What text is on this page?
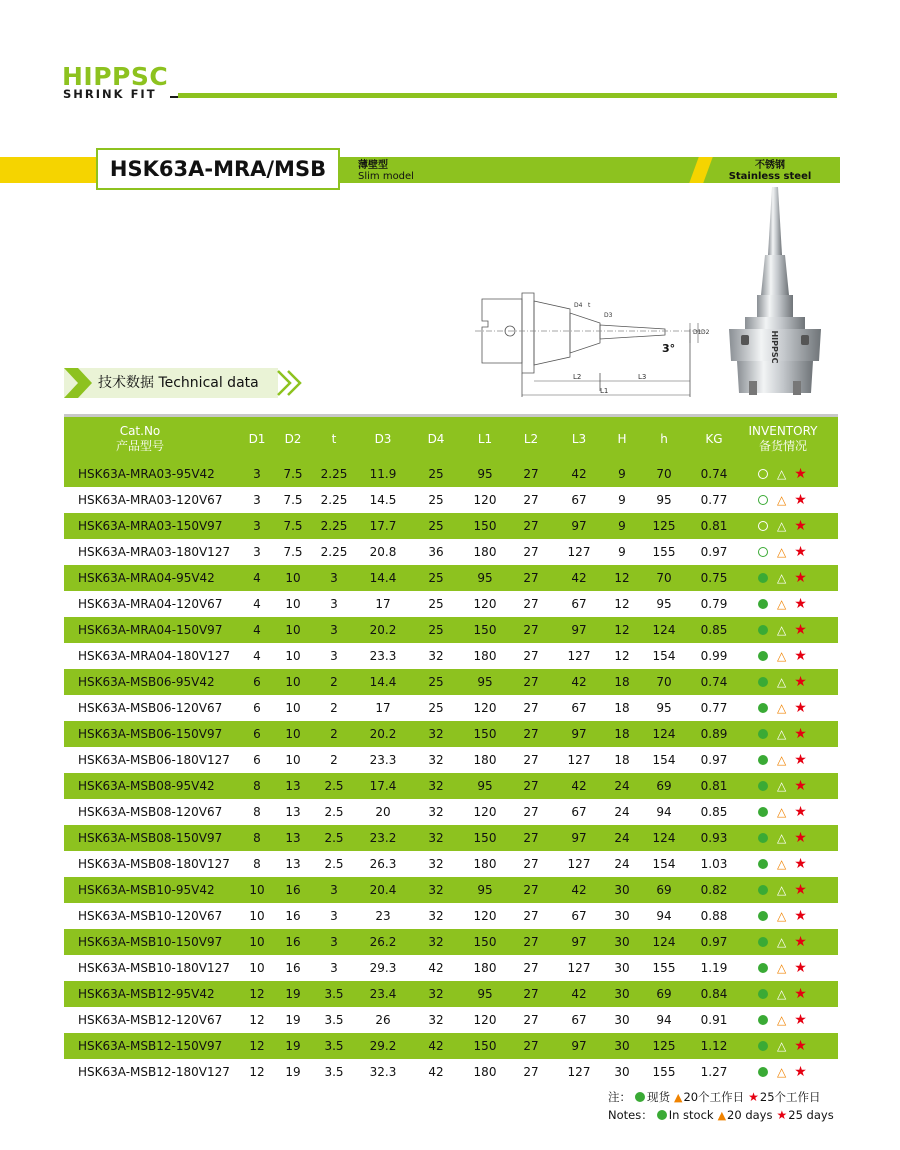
HIPPSC
SHRINK FIT
HSK63A-MRA/MSB	薄壁型
Slim model
不锈钢
Stainless steel
D4 t
D3
D1 D2
3°
L2	L3
L1
HIPPSC
技术数据 Technical data
Cat.No
产品型号
D1	D2	t	D3	D4	L1	L2	L3	H	h	KG
INVENTORY
备货情况
HSK63A-MRA03-95V42	3	7.5	2.25	11.9	25	95	27	42	9	70	0.74	△ ★
HSK63A-MRA03-120V67	3	7.5	2.25	14.5	25	120	27	67	9	95	0.77	△ ★
HSK63A-MRA03-150V97	3	7.5	2.25	17.7	25	150	27	97	9	125	0.81	△ ★
HSK63A-MRA03-180V127	3	7.5	2.25	20.8	36	180	27	127	9	155	0.97	△ ★
HSK63A-MRA04-95V42	4	10	3	14.4	25	95	27	42	12	70	0.75	△ ★
HSK63A-MRA04-120V67	4	10	3	17	25	120	27	67	12	95	0.79	△ ★
HSK63A-MRA04-150V97	4	10	3	20.2	25	150	27	97	12	124	0.85	△ ★
HSK63A-MRA04-180V127	4	10	3	23.3	32	180	27	127	12	154	0.99	△ ★
HSK63A-MSB06-95V42	6	10	2	14.4	25	95	27	42	18	70	0.74	△ ★
HSK63A-MSB06-120V67	6	10	2	17	25	120	27	67	18	95	0.77	△ ★
HSK63A-MSB06-150V97	6	10	2	20.2	32	150	27	97	18	124	0.89	△ ★
HSK63A-MSB06-180V127	6	10	2	23.3	32	180	27	127	18	154	0.97	△ ★
HSK63A-MSB08-95V42	8	13	2.5	17.4	32	95	27	42	24	69	0.81	△ ★
HSK63A-MSB08-120V67	8	13	2.5	20	32	120	27	67	24	94	0.85	△ ★
HSK63A-MSB08-150V97	8	13	2.5	23.2	32	150	27	97	24	124	0.93	△ ★
HSK63A-MSB08-180V127	8	13	2.5	26.3	32	180	27	127	24	154	1.03	△ ★
HSK63A-MSB10-95V42	10	16	3	20.4	32	95	27	42	30	69	0.82	△ ★
HSK63A-MSB10-120V67	10	16	3	23	32	120	27	67	30	94	0.88	△ ★
HSK63A-MSB10-150V97	10	16	3	26.2	32	150	27	97	30	124	0.97	△ ★
HSK63A-MSB10-180V127	10	16	3	29.3	42	180	27	127	30	155	1.19	△ ★
HSK63A-MSB12-95V42	12	19	3.5	23.4	32	95	27	42	30	69	0.84	△ ★
HSK63A-MSB12-120V67	12	19	3.5	26	32	120	27	67	30	94	0.91	△ ★
HSK63A-MSB12-150V97	12	19	3.5	29.2	42	150	27	97	30	125	1.12	△ ★
HSK63A-MSB12-180V127	12	19	3.5	32.3	42	180	27	127	30	155	1.27	△ ★
注： 现货 ▲20个工作日 ★25个工作日
Notes： In stock ▲20 days ★25 days
